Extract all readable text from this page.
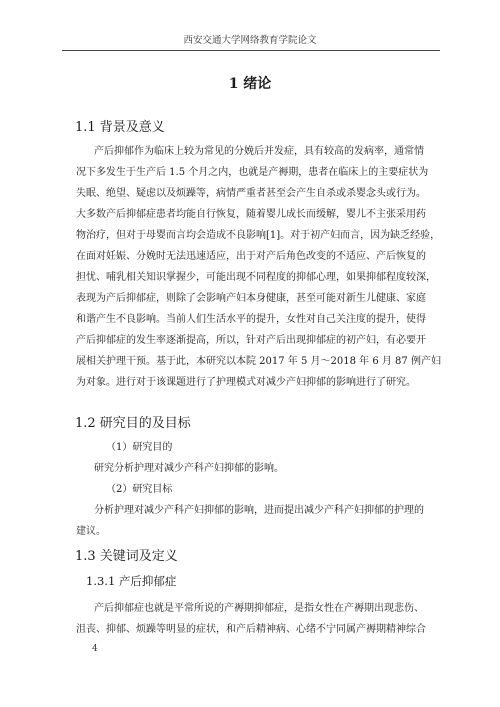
西安交通大学网络教育学院论文
1 绪论
1.1 背景及意义
产后抑郁作为临床上较为常见的分娩后并发症，具有较高的发病率，通常情
况下多发生于生产后 1.5 个月之内，也就是产褥期，患者在临床上的主要症状为
失眠、绝望、疑虑以及烦躁等，病情严重者甚至会产生自杀或杀婴念头或行为。
大多数产后抑郁症患者均能自行恢复，随着婴儿成长而缓解，婴儿不主张采用药
物治疗，但对于母婴而言均会造成不良影响[1]。对于初产妇而言，因为缺乏经验，
在面对妊娠、分娩时无法迅速适应，出于对产后角色改变的不适应、产后恢复的
担忧、哺乳相关知识掌握少，可能出现不同程度的抑郁心理，如果抑郁程度较深，
表现为产后抑郁症，则除了会影响产妇本身健康，甚至可能对新生儿健康、家庭
和谐产生不良影响。当前人们生活水平的提升，女性对自己关注度的提升，使得
产后抑郁症的发生率逐渐提高，所以，针对产后出现抑郁症的初产妇，有必要开
展相关护理干预。基于此，本研究以本院 2017 年 5 月～2018 年 6 月 87 例产妇
为对象。进行对于该课题进行了护理模式对减少产妇抑郁的影响进行了研究。
1.2 研究目的及目标
（1）研究目的
研究分析护理对减少产科产妇抑郁的影响。
（2）研究目标
分析护理对减少产科产妇抑郁的影响，进而提出减少产科产妇抑郁的护理的
建议。
1.3 关键词及定义
1.3.1 产后抑郁症
产后抑郁症也就是平常所说的产褥期抑郁症，是指女性在产褥期出现悲伤、
沮丧、抑郁、烦躁等明显的症状，和产后精神病、心绪不宁同属产褥期精神综合
4
